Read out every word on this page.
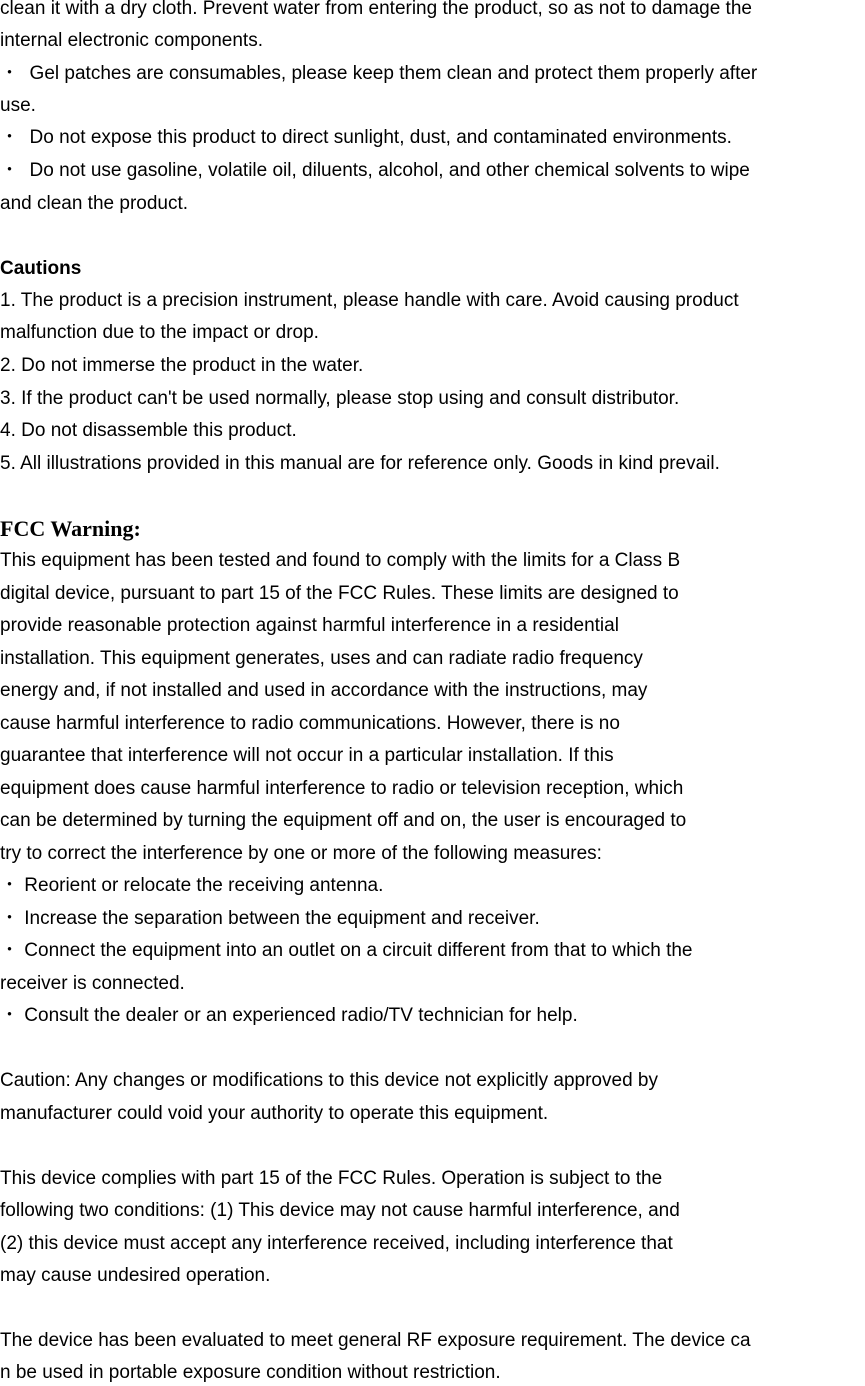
clean it with a dry cloth. Prevent water from entering the product, so as not to damage the
internal electronic components.
・  Gel patches are consumables, please keep them clean and protect them properly after
use.
・  Do not expose this product to direct sunlight, dust, and contaminated environments.
・  Do not use gasoline, volatile oil, diluents, alcohol, and other chemical solvents to wipe
and clean the product.
Cautions
1. The product is a precision instrument, please handle with care. Avoid causing product
malfunction due to the impact or drop.
2. Do not immerse the product in the water.
3. If the product can't be used normally, please stop using and consult distributor.
4. Do not disassemble this product.
5. All illustrations provided in this manual are for reference only. Goods in kind prevail.
FCC Warning:
This equipment has been tested and found to comply with the limits for a Class B
digital device, pursuant to part 15 of the FCC Rules. These limits are designed to
provide reasonable protection against harmful interference in a residential
installation. This equipment generates, uses and can radiate radio frequency
energy and, if not installed and used in accordance with the instructions, may
cause harmful interference to radio communications. However, there is no
guarantee that interference will not occur in a particular installation. If this
equipment does cause harmful interference to radio or television reception, which
can be determined by turning the equipment off and on, the user is encouraged to
try to correct the interference by one or more of the following measures:
・ Reorient or relocate the receiving antenna.
・ Increase the separation between the equipment and receiver.
・ Connect the equipment into an outlet on a circuit different from that to which the
receiver is connected.
・ Consult the dealer or an experienced radio/TV technician for help.
Caution: Any changes or modifications to this device not explicitly approved by
manufacturer could void your authority to operate this equipment.
This device complies with part 15 of the FCC Rules. Operation is subject to the
following two conditions: (1) This device may not cause harmful interference, and
(2) this device must accept any interference received, including interference that
may cause undesired operation.
The device has been evaluated to meet general RF exposure requirement. The device ca
n be used in portable exposure condition without restriction.
